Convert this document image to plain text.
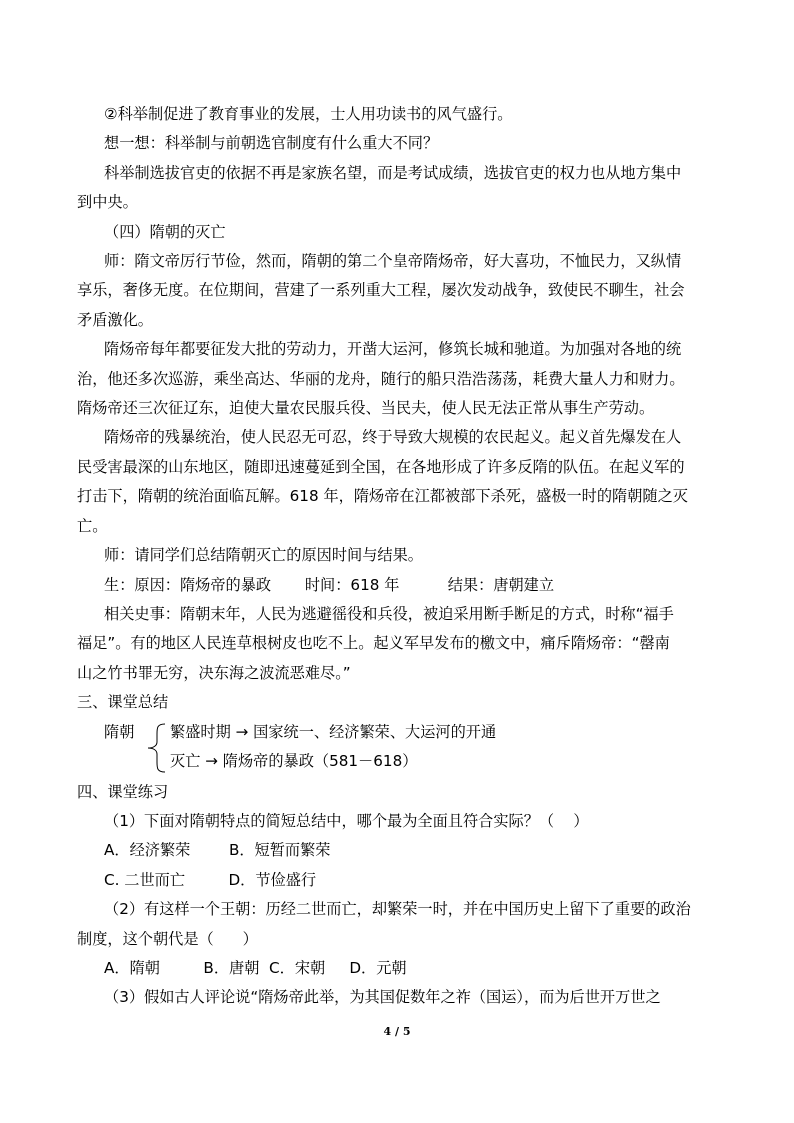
②科举制促进了教育事业的发展，士人用功读书的风气盛行。

想一想：科举制与前朝选官制度有什么重大不同？

科举制选拔官吏的依据不再是家族名望，而是考试成绩，选拔官吏的权力也从地方集中

到中央。

（四）隋朝的灭亡

师：隋文帝厉行节俭，然而，隋朝的第二个皇帝隋炀帝，好大喜功，不恤民力，又纵情

享乐，奢侈无度。在位期间，营建了一系列重大工程，屡次发动战争，致使民不聊生，社会

矛盾激化。

隋炀帝每年都要征发大批的劳动力，开凿大运河，修筑长城和驰道。为加强对各地的统

治，他还多次巡游，乘坐高达、华丽的龙舟，随行的船只浩浩荡荡，耗费大量人力和财力。

隋炀帝还三次征辽东，迫使大量农民服兵役、当民夫，使人民无法正常从事生产劳动。

隋炀帝的残暴统治，使人民忍无可忍，终于导致大规模的农民起义。起义首先爆发在人

民受害最深的山东地区，随即迅速蔓延到全国，在各地形成了许多反隋的队伍。在起义军的

打击下，隋朝的统治面临瓦解。618 年，隋炀帝在江都被部下杀死，盛极一时的隋朝随之灭

亡。

师：请同学们总结隋朝灭亡的原因时间与结果。

生：原因：隋炀帝的暴政       时间：618 年          结果：唐朝建立

相关史事：隋朝末年，人民为逃避徭役和兵役，被迫采用断手断足的方式，时称“福手

福足”。有的地区人民连草根树皮也吃不上。起义军早发布的檄文中，痛斥隋炀帝：“罄南

山之竹书罪无穷，决东海之波流恶难尽。”

三、课堂总结

隋朝 繁盛时期 → 国家统一、经济繁荣、大运河的开通
灭亡 → 隋炀帝的暴政（581－618）

四、课堂练习

（1）下面对隋朝特点的简短总结中，哪个最为全面且符合实际？（    ）

A．经济繁荣        B．短暂而繁荣

C. 二世而亡         D．节俭盛行

（2）有这样一个王朝：历经二世而亡，却繁荣一时，并在中国历史上留下了重要的政治

制度，这个朝代是（      ）

A．隋朝         B．唐朝  C．宋朝     D．元朝

（3）假如古人评论说“隋炀帝此举，为其国促数年之祚（国运），而为后世开万世之

4 / 5
